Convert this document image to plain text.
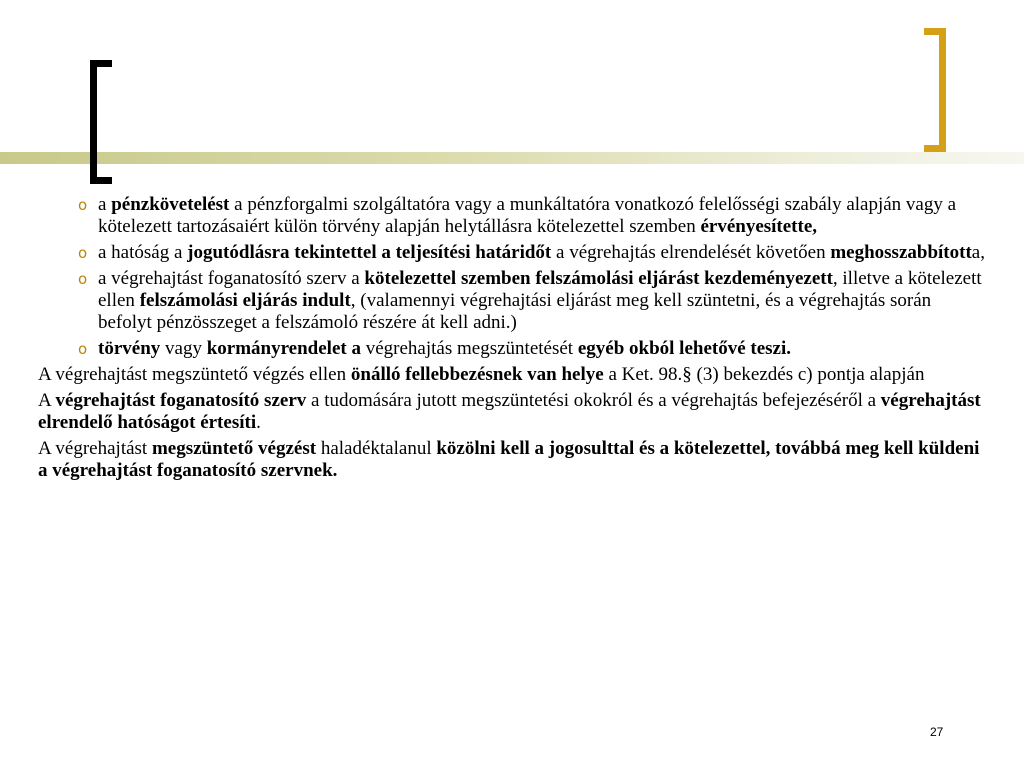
o a pénzkövetelést a pénzforgalmi szolgáltatóra vagy a munkáltatóra vonatkozó felelősségi szabály alapján vagy a kötelezett tartozásaiért külön törvény alapján helytállásra kötelezettel szemben érvényesítette,
o a hatóság a jogutódlásra tekintettel a teljesítési határidőt a végrehajtás elrendelését követően meghosszabbította,
o a végrehajtást foganatosító szerv a kötelezettel szemben felszámolási eljárást kezdeményezett, illetve a kötelezett ellen felszámolási eljárás indult, (valamennyi végrehajtási eljárást meg kell szüntetni, és a végrehajtás során befolyt pénzösszeget a felszámoló részére át kell adni.)
o törvény vagy kormányrendelet a végrehajtás megszüntetését egyéb okból lehetővé teszi.

A végrehajtást megszüntető végzés ellen önálló fellebbezésnek van helye a Ket. 98.§ (3) bekezdés c) pontja alapján

A végrehajtást foganatosító szerv a tudomására jutott megszüntetési okokról és a végrehajtás befejezéséről a végrehajtást elrendelő hatóságot értesíti.

A végrehajtást megszüntető végzést haladéktalanul közölni kell a jogosulttal és a kötelezettel, továbbá meg kell küldeni a végrehajtást foganatosító szervnek.

27
